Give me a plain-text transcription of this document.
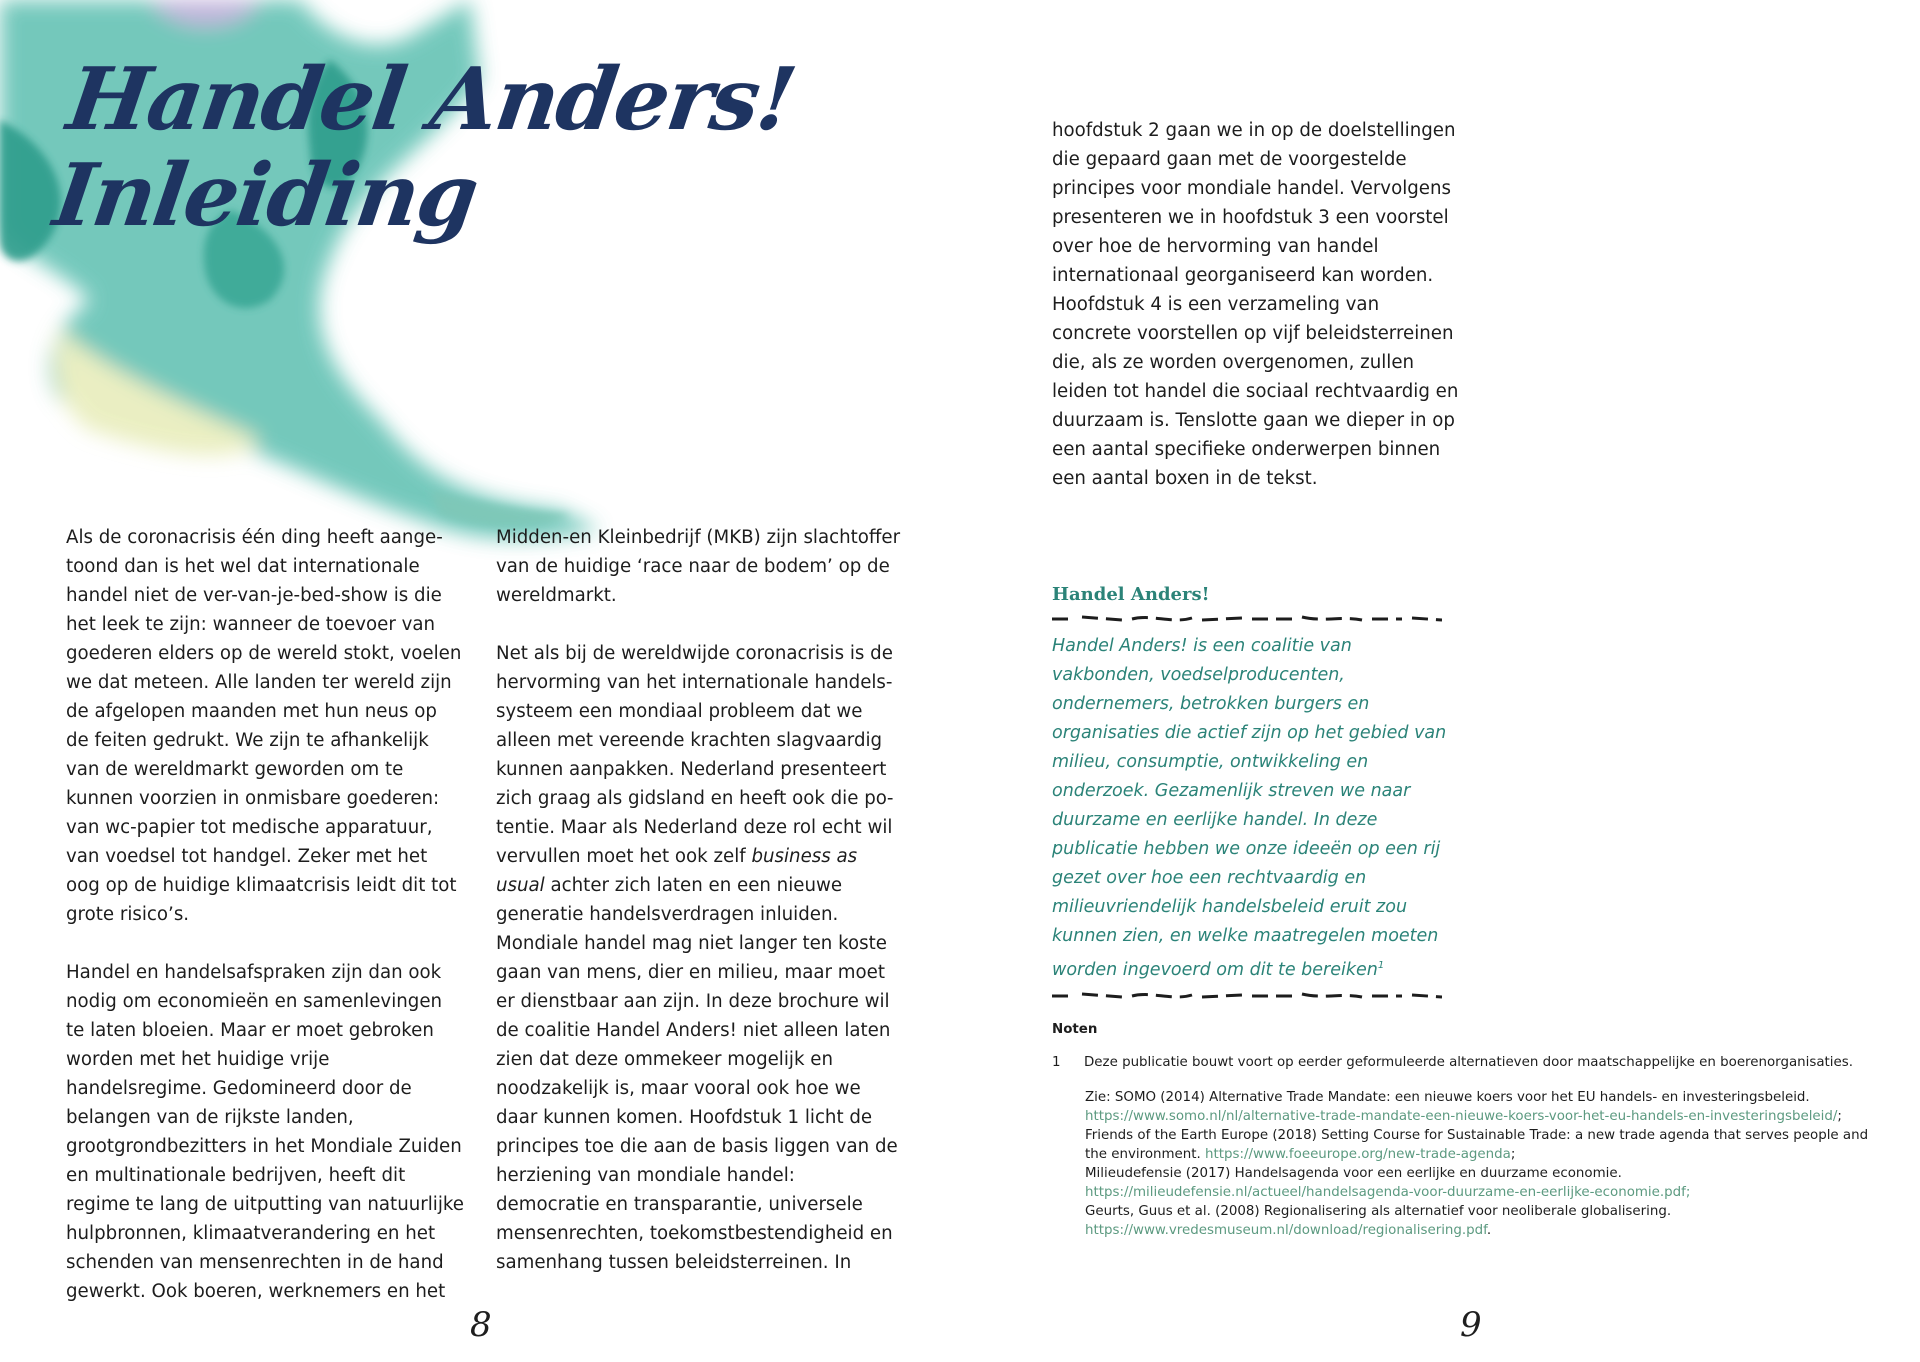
Handel Anders!
Inleiding

Als de coronacrisis één ding heeft aangetoond dan is het wel dat internationale handel niet de ver-van-je-bed-show is die het leek te zijn: wanneer de toevoer van goederen elders op de wereld stokt, voelen we dat meteen. Alle landen ter wereld zijn de afgelopen maanden met hun neus op de feiten gedrukt. We zijn te afhankelijk van de wereldmarkt geworden om te kunnen voorzien in onmisbare goederen: van wc-papier tot medische apparatuur, van voedsel tot handgel. Zeker met het oog op de huidige klimaatcrisis leidt dit tot grote risico’s.

Handel en handelsafspraken zijn dan ook nodig om economieën en samenlevingen te laten bloeien. Maar er moet gebroken worden met het huidige vrije handelsregime. Gedomineerd door de belangen van de rijkste landen, grootgrondbezitters in het Mondiale Zuiden en multinationale bedrijven, heeft dit regime te lang de uitputting van natuurlijke hulpbronnen, klimaatverandering en het schenden van mensenrechten in de hand gewerkt. Ook boeren, werknemers en het

Midden-en Kleinbedrijf (MKB) zijn slachtoffer van de huidige ‘race naar de bodem’ op de wereldmarkt.

Net als bij de wereldwijde coronacrisis is de hervorming van het internationale handelssysteem een mondiaal probleem dat we alleen met vereende krachten slagvaardig kunnen aanpakken. Nederland presenteert zich graag als gidsland en heeft ook die potentie. Maar als Nederland deze rol echt wil vervullen moet het ook zelf business as usual achter zich laten en een nieuwe generatie handelsverdragen inluiden. Mondiale handel mag niet langer ten koste gaan van mens, dier en milieu, maar moet er dienstbaar aan zijn. In deze brochure wil de coalitie Handel Anders! niet alleen laten zien dat deze ommekeer mogelijk en noodzakelijk is, maar vooral ook hoe we daar kunnen komen. Hoofdstuk 1 licht de principes toe die aan de basis liggen van de herziening van mondiale handel: democratie en transparantie, universele mensenrechten, toekomstbestendigheid en samenhang tussen beleidsterreinen. In

hoofdstuk 2 gaan we in op de doelstellingen die gepaard gaan met de voorgestelde principes voor mondiale handel. Vervolgens presenteren we in hoofdstuk 3 een voorstel over hoe de hervorming van handel internationaal georganiseerd kan worden. Hoofdstuk 4 is een verzameling van concrete voorstellen op vijf beleidsterreinen die, als ze worden overgenomen, zullen leiden tot handel die sociaal rechtvaardig en duurzaam is. Tenslotte gaan we dieper in op een aantal specifieke onderwerpen binnen een aantal boxen in de tekst.

Handel Anders!

Handel Anders! is een coalitie van vakbonden, voedselproducenten, ondernemers, betrokken burgers en organisaties die actief zijn op het gebied van milieu, consumptie, ontwikkeling en onderzoek. Gezamenlijk streven we naar duurzame en eerlijke handel. In deze publicatie hebben we onze ideeën op een rij gezet over hoe een rechtvaardig en milieuvriendelijk handelsbeleid eruit zou kunnen zien, en welke maatregelen moeten worden ingevoerd om dit te bereiken$^1$

Noten

1	Deze publicatie bouwt voort op eerder geformuleerde alternatieven door maatschappelijke en boerenorganisaties.

Zie: SOMO (2014) Alternative Trade Mandate: een nieuwe koers voor het EU handels- en investeringsbeleid.

https://www.somo.nl/nl/alternative-trade-mandate-een-nieuwe-koers-voor-het-eu-handels-en-investeringsbeleid/;

Friends of the Earth Europe (2018) Setting Course for Sustainable Trade: a new trade agenda that serves people and the environment. https://www.foeeurope.org/new-trade-agenda;

Milieudefensie (2017) Handelsagenda voor een eerlijke en duurzame economie. https://milieudefensie.nl/actueel/handelsagenda-voor-duurzame-en-eerlijke-economie.pdf;

Geurts, Guus et al. (2008) Regionalisering als alternatief voor neoliberale globalisering. https://www.vredesmuseum.nl/download/regionalisering.pdf.

8	9
